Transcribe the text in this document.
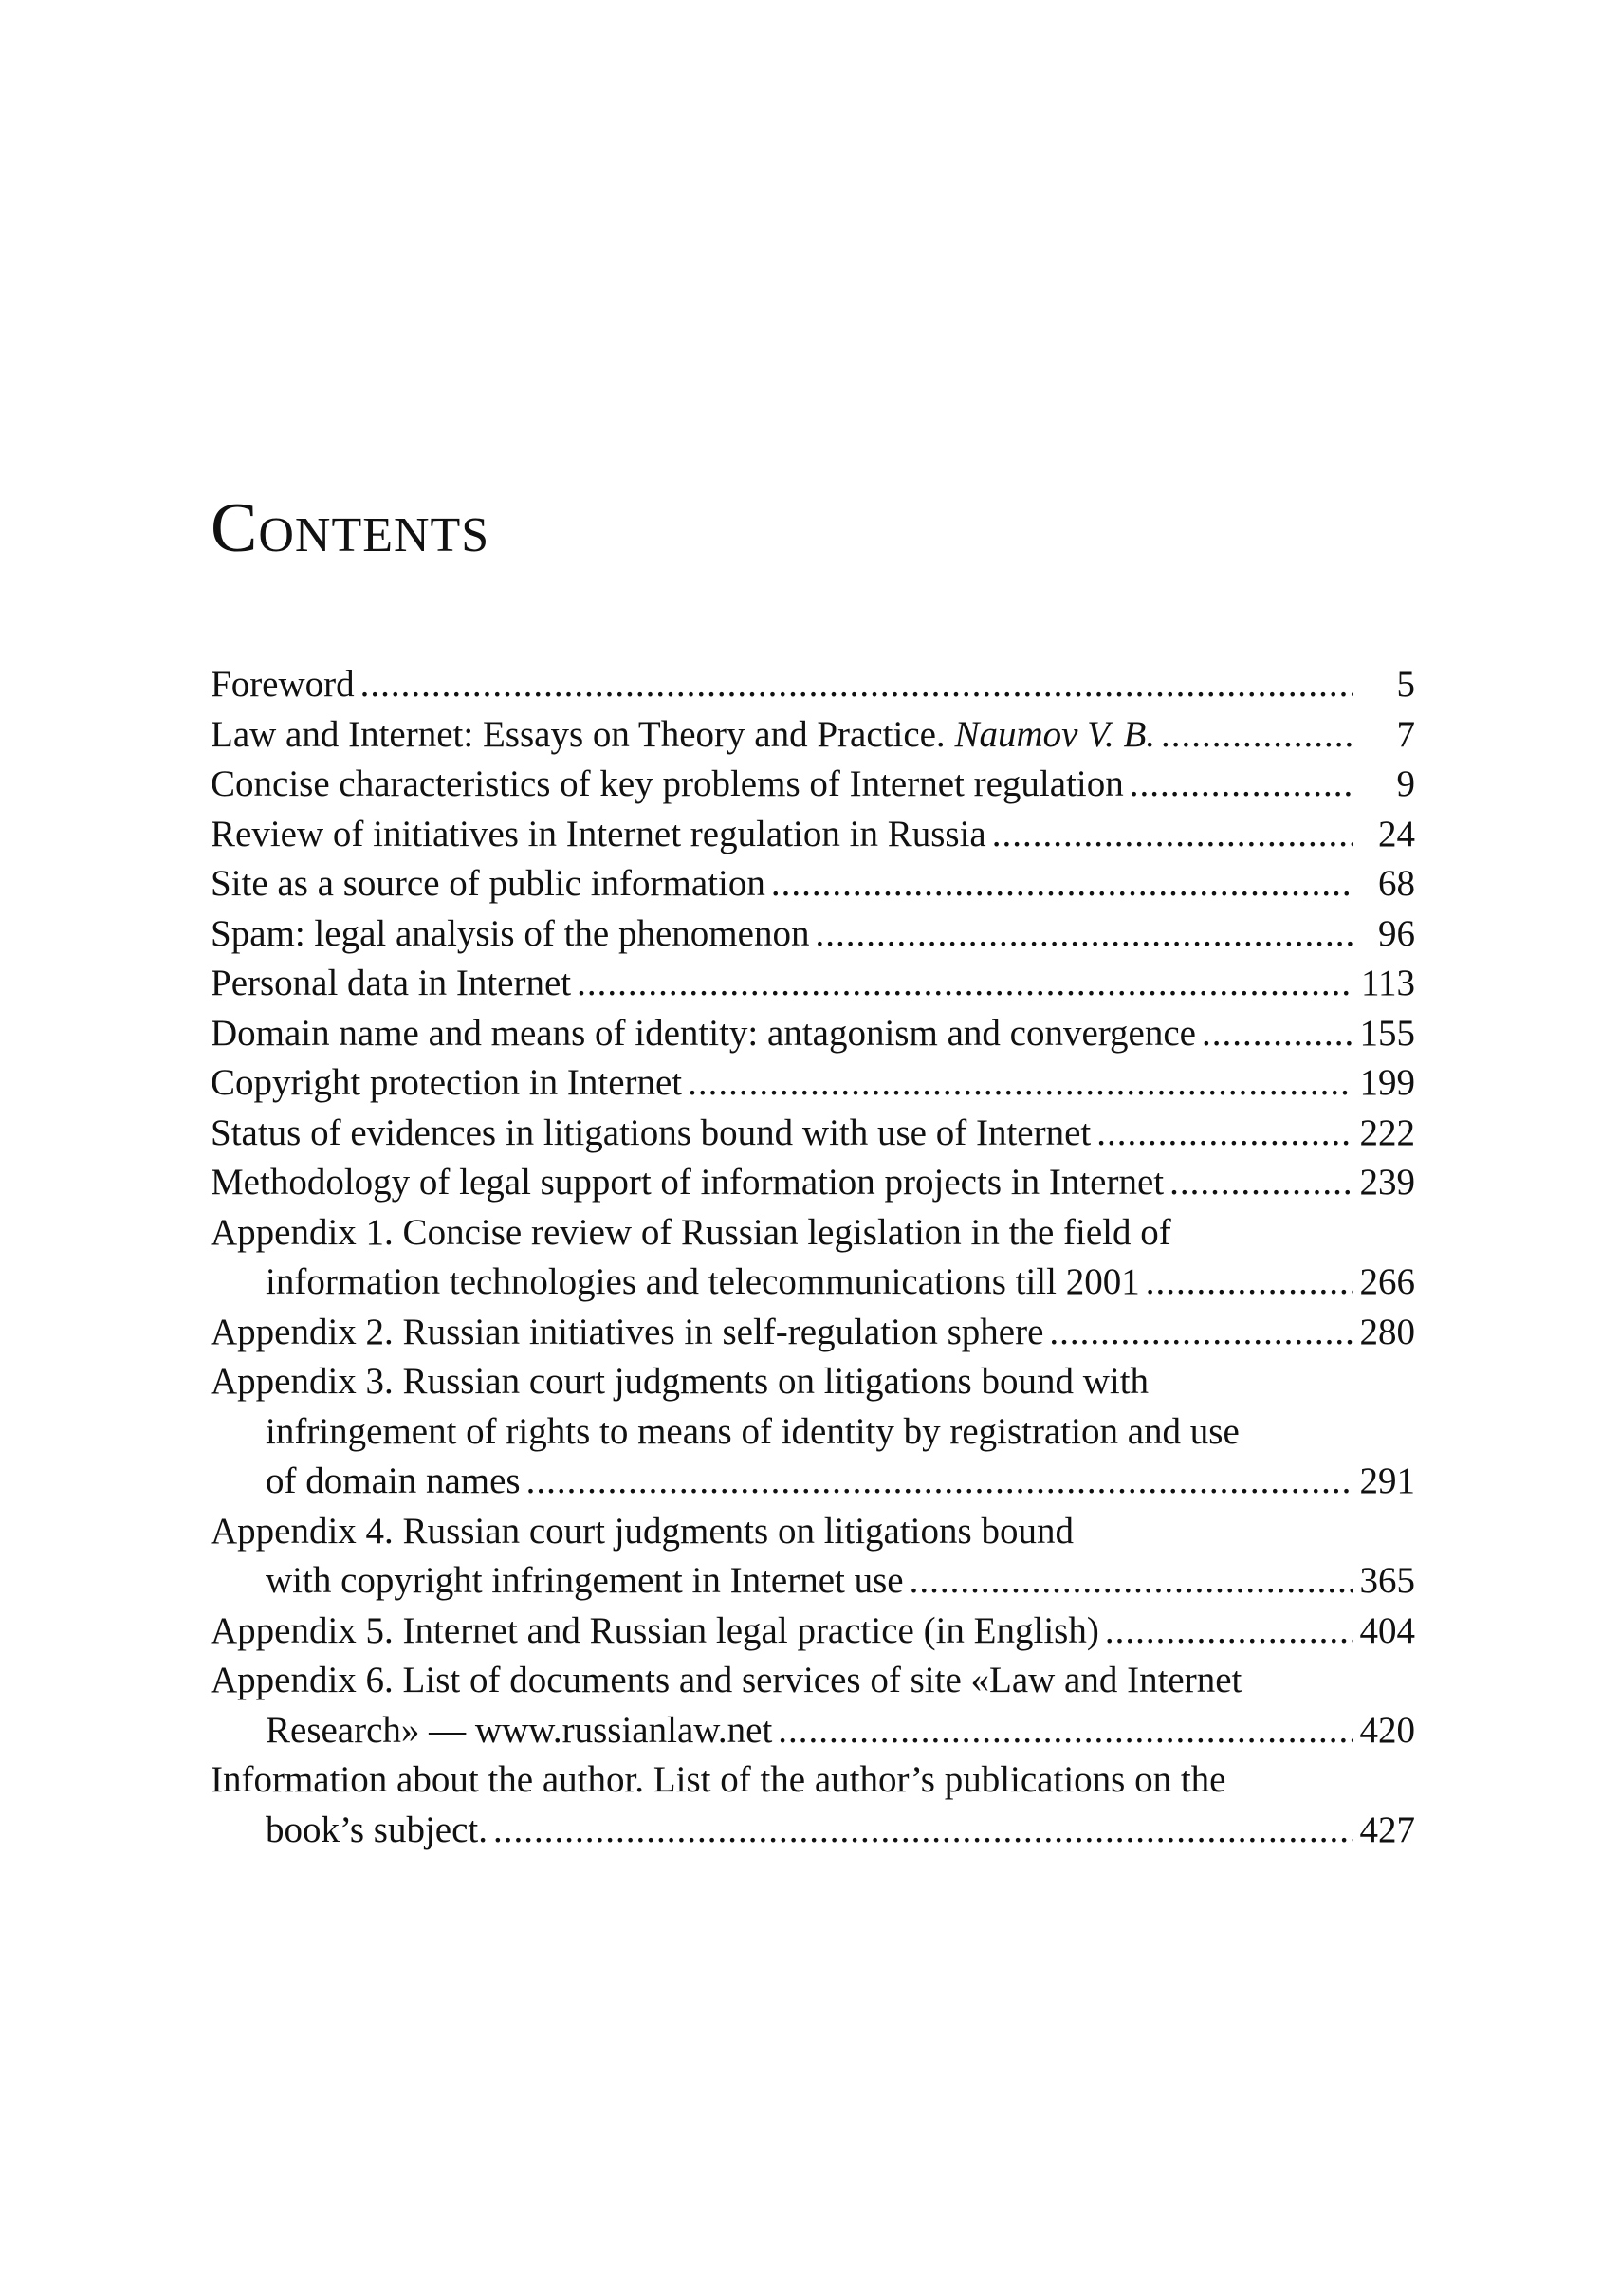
Contents
Foreword .....	5
Law and Internet: Essays on Theory and Practice. Naumov V. B. .....	7
Concise characteristics of key problems of Internet regulation .....	9
Review of initiatives in Internet regulation in Russia .....	24
Site as a source of public information .....	68
Spam: legal analysis of the phenomenon .....	96
Personal data in Internet .....	113
Domain name and means of identity: antagonism and convergence .....	155
Copyright protection in Internet .....	199
Status of evidences in litigations bound with use of Internet .....	222
Methodology of legal support of information projects in Internet .....	239
Appendix 1. Concise review of Russian legislation in the field of
information technologies and telecommunications till 2001 .....	266
Appendix 2. Russian initiatives in self-regulation sphere .....	280
Appendix 3. Russian court judgments on litigations bound with
infringement of rights to means of identity by registration and use
of domain names .....	291
Appendix 4. Russian court judgments on litigations bound
with copyright infringement in Internet use .....	365
Appendix 5. Internet and Russian legal practice (in English) .....	404
Appendix 6. List of documents and services of site «Law and Internet
Research» — www.russianlaw.net .....	420
Information about the author. List of the author’s publications on the
book’s subject. .....	427
